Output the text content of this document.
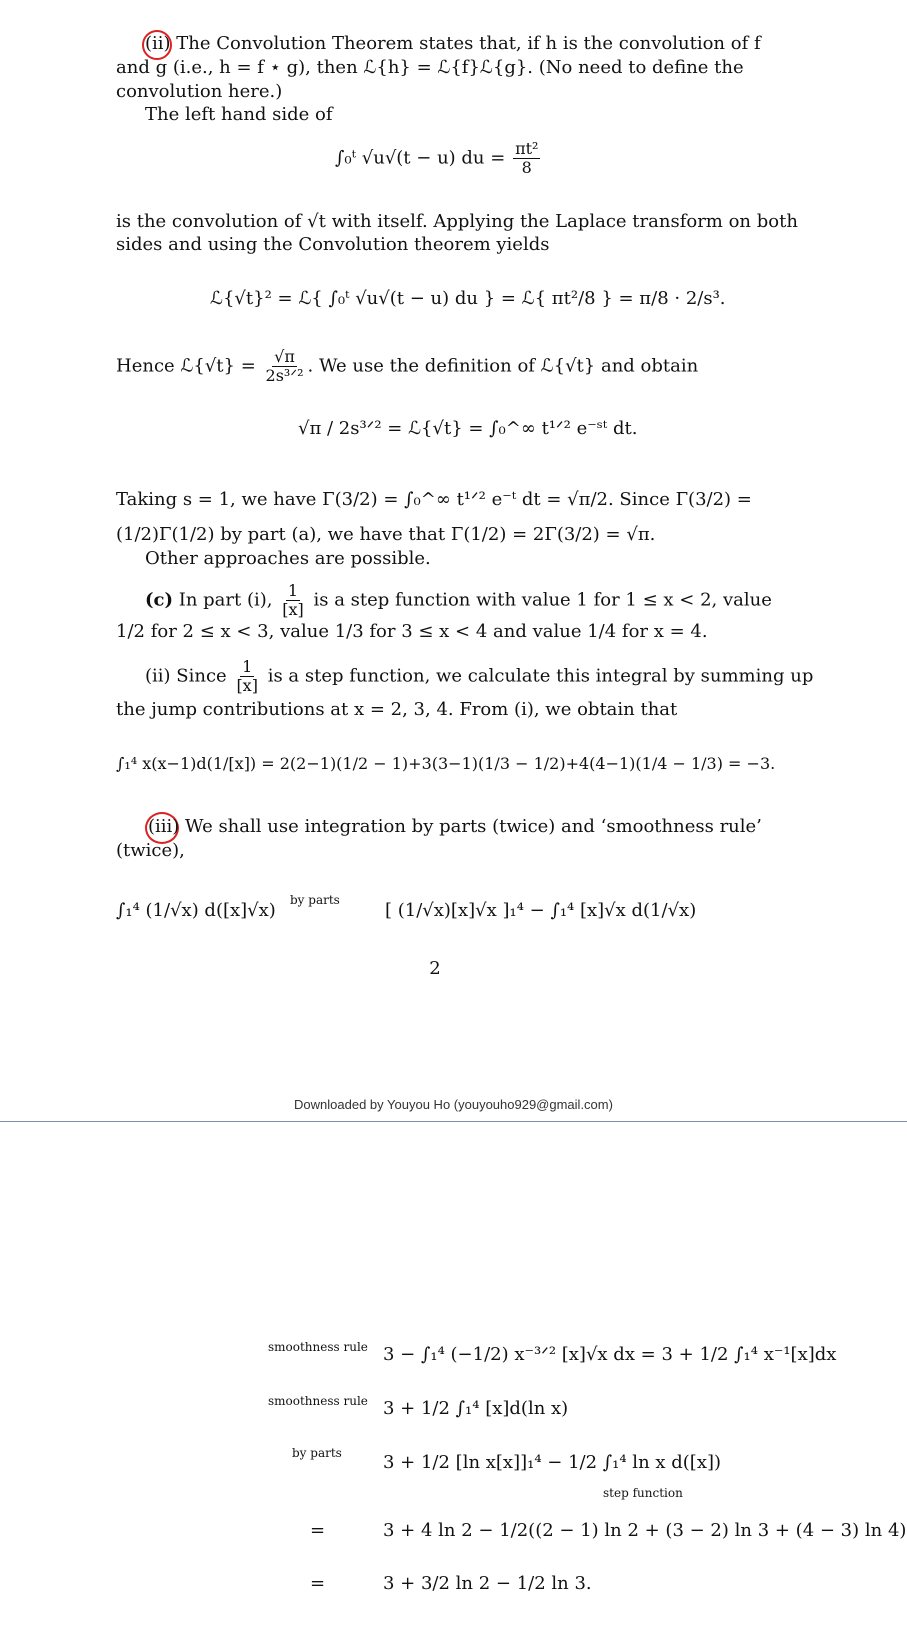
(ii) The Convolution Theorem states that, if h is the convolution of f
and g (i.e., h = f ⋆ g), then ℒ{h} = ℒ{f}ℒ{g}. (No need to define the
convolution here.)
The left hand side of
∫₀ᵗ √u√(t − u) du = $\frac{\text{πt²}}{8}$
is the convolution of √t with itself. Applying the Laplace transform on both
sides and using the Convolution theorem yields
ℒ{√t}² = ℒ{ ∫₀ᵗ √u√(t − u) du } = ℒ{ πt²/8 } = π/8 · 2/s³.
Hence ℒ{√t} = $\frac{√\pi}{\text{2s³ᐟ²}}$ . We use the definition of ℒ{√t} and obtain
√π / 2s³ᐟ² = ℒ{√t} = ∫₀^∞ t¹ᐟ² e⁻ˢᵗ dt.
Taking s = 1, we have Γ(3/2) = ∫₀^∞ t¹ᐟ² e⁻ᵗ dt = √π/2. Since Γ(3/2) =
(1/2)Γ(1/2) by part (a), we have that Γ(1/2) = 2Γ(3/2) = √π.
Other approaches are possible.
(c) In part (i), $\frac{1}{[x]}$ is a step function with value 1 for 1 ≤ x < 2, value
1/2 for 2 ≤ x < 3, value 1/3 for 3 ≤ x < 4 and value 1/4 for x = 4.
(ii) Since $\frac{1}{[x]}$ is a step function, we calculate this integral by summing up
the jump contributions at x = 2, 3, 4. From (i), we obtain that
∫₁⁴ x(x−1)d(1/[x]) = 2(2−1)(1/2 − 1)+3(3−1)(1/3 − 1/2)+4(4−1)(1/4 − 1/3) = −3.
(iii) We shall use integration by parts (twice) and ‘smoothness rule’
(twice),
∫₁⁴ (1/√x) d([x]√x) by parts	[ (1/√x)[x]√x ]₁⁴ − ∫₁⁴ [x]√x d(1/√x)
2
Downloaded by Youyou Ho (youyouho929@gmail.com)
smoothness rule 3 − ∫₁⁴ (−1/2) x⁻³ᐟ² [x]√x dx = 3 + 1/2 ∫₁⁴ x⁻¹[x]dx
smoothness rule 3 + 1/2 ∫₁⁴ [x]d(ln x)
by parts 3 + 1/2 [ln x[x]]₁⁴ − 1/2 ∫₁⁴ ln x d([x])
step function
=	3 + 4 ln 2 − 1/2((2 − 1) ln 2 + (3 − 2) ln 3 + (4 − 3) ln 4)
=	3 + 3/2 ln 2 − 1/2 ln 3.
